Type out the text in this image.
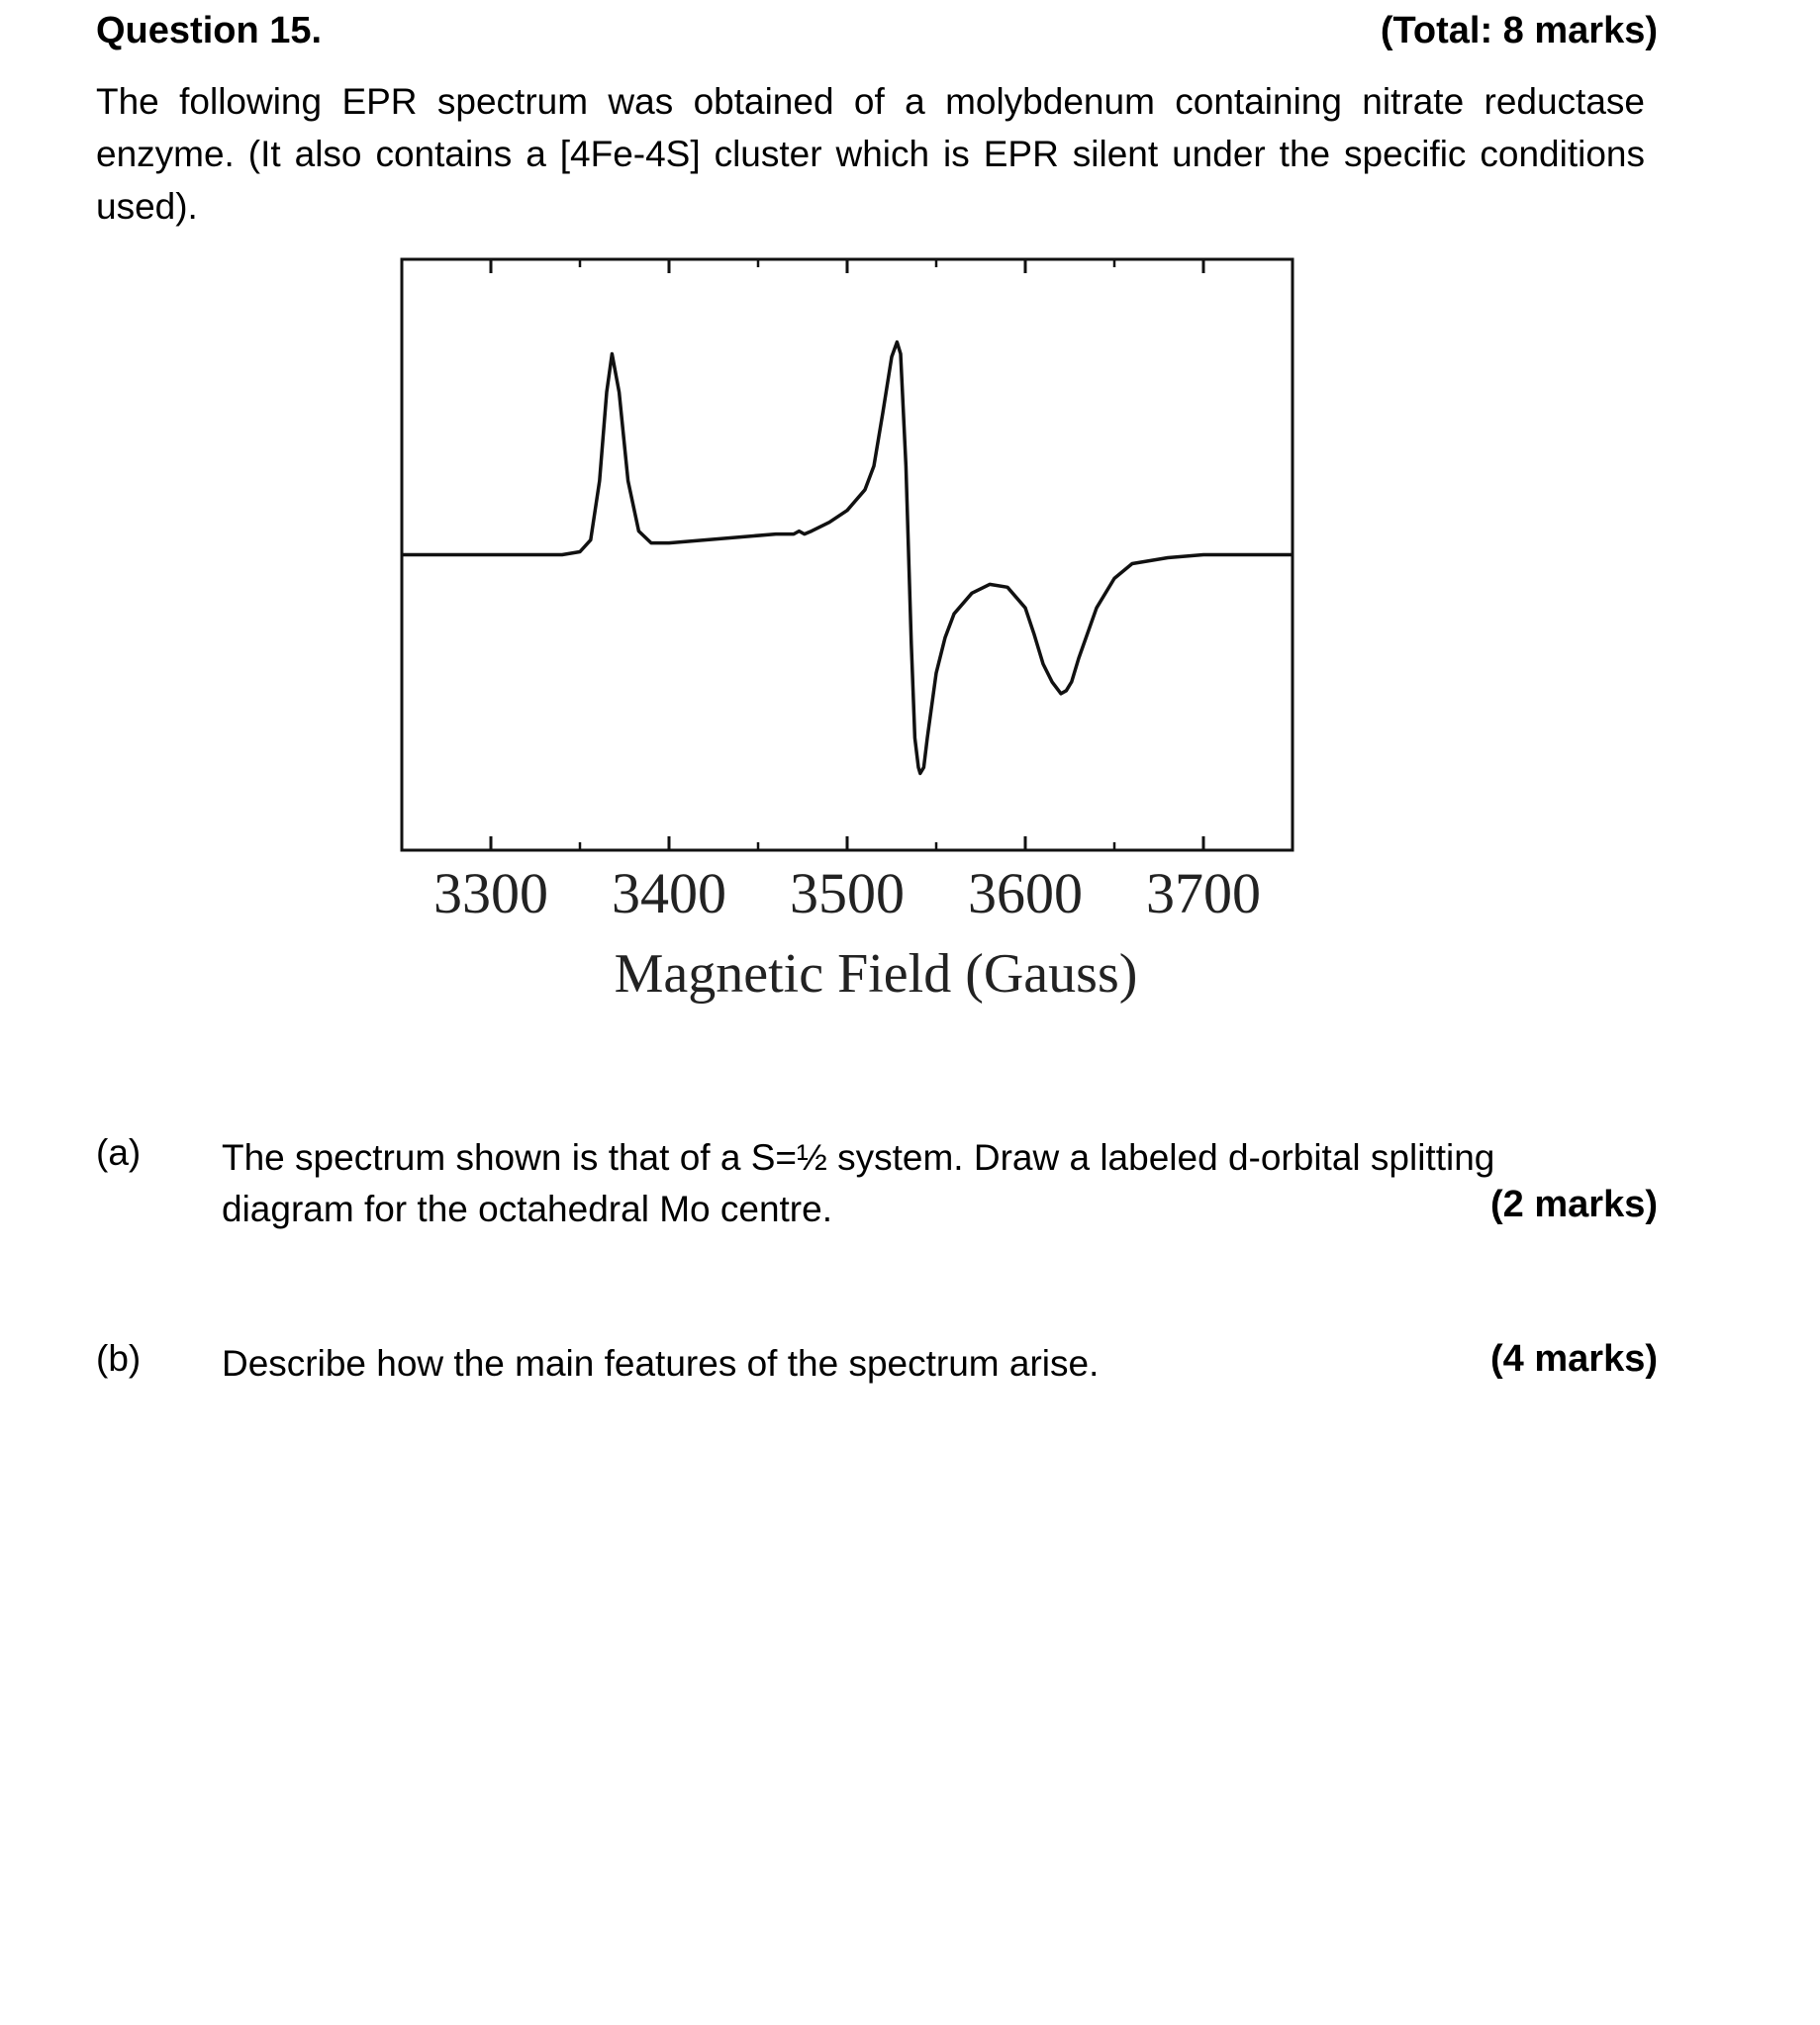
Question 15.	(Total: 8 marks)
The following EPR spectrum was obtained of a molybdenum containing nitrate reductase enzyme. (It also contains a [4Fe-4S] cluster which is EPR silent under the specific conditions used).
3300 3400 3500 3600 3700
Magnetic Field (Gauss)
(a) The spectrum shown is that of a S=½ system. Draw a labeled d-orbital splitting diagram for the octahedral Mo centre.	(2 marks)
(b) Describe how the main features of the spectrum arise.	(4 marks)
